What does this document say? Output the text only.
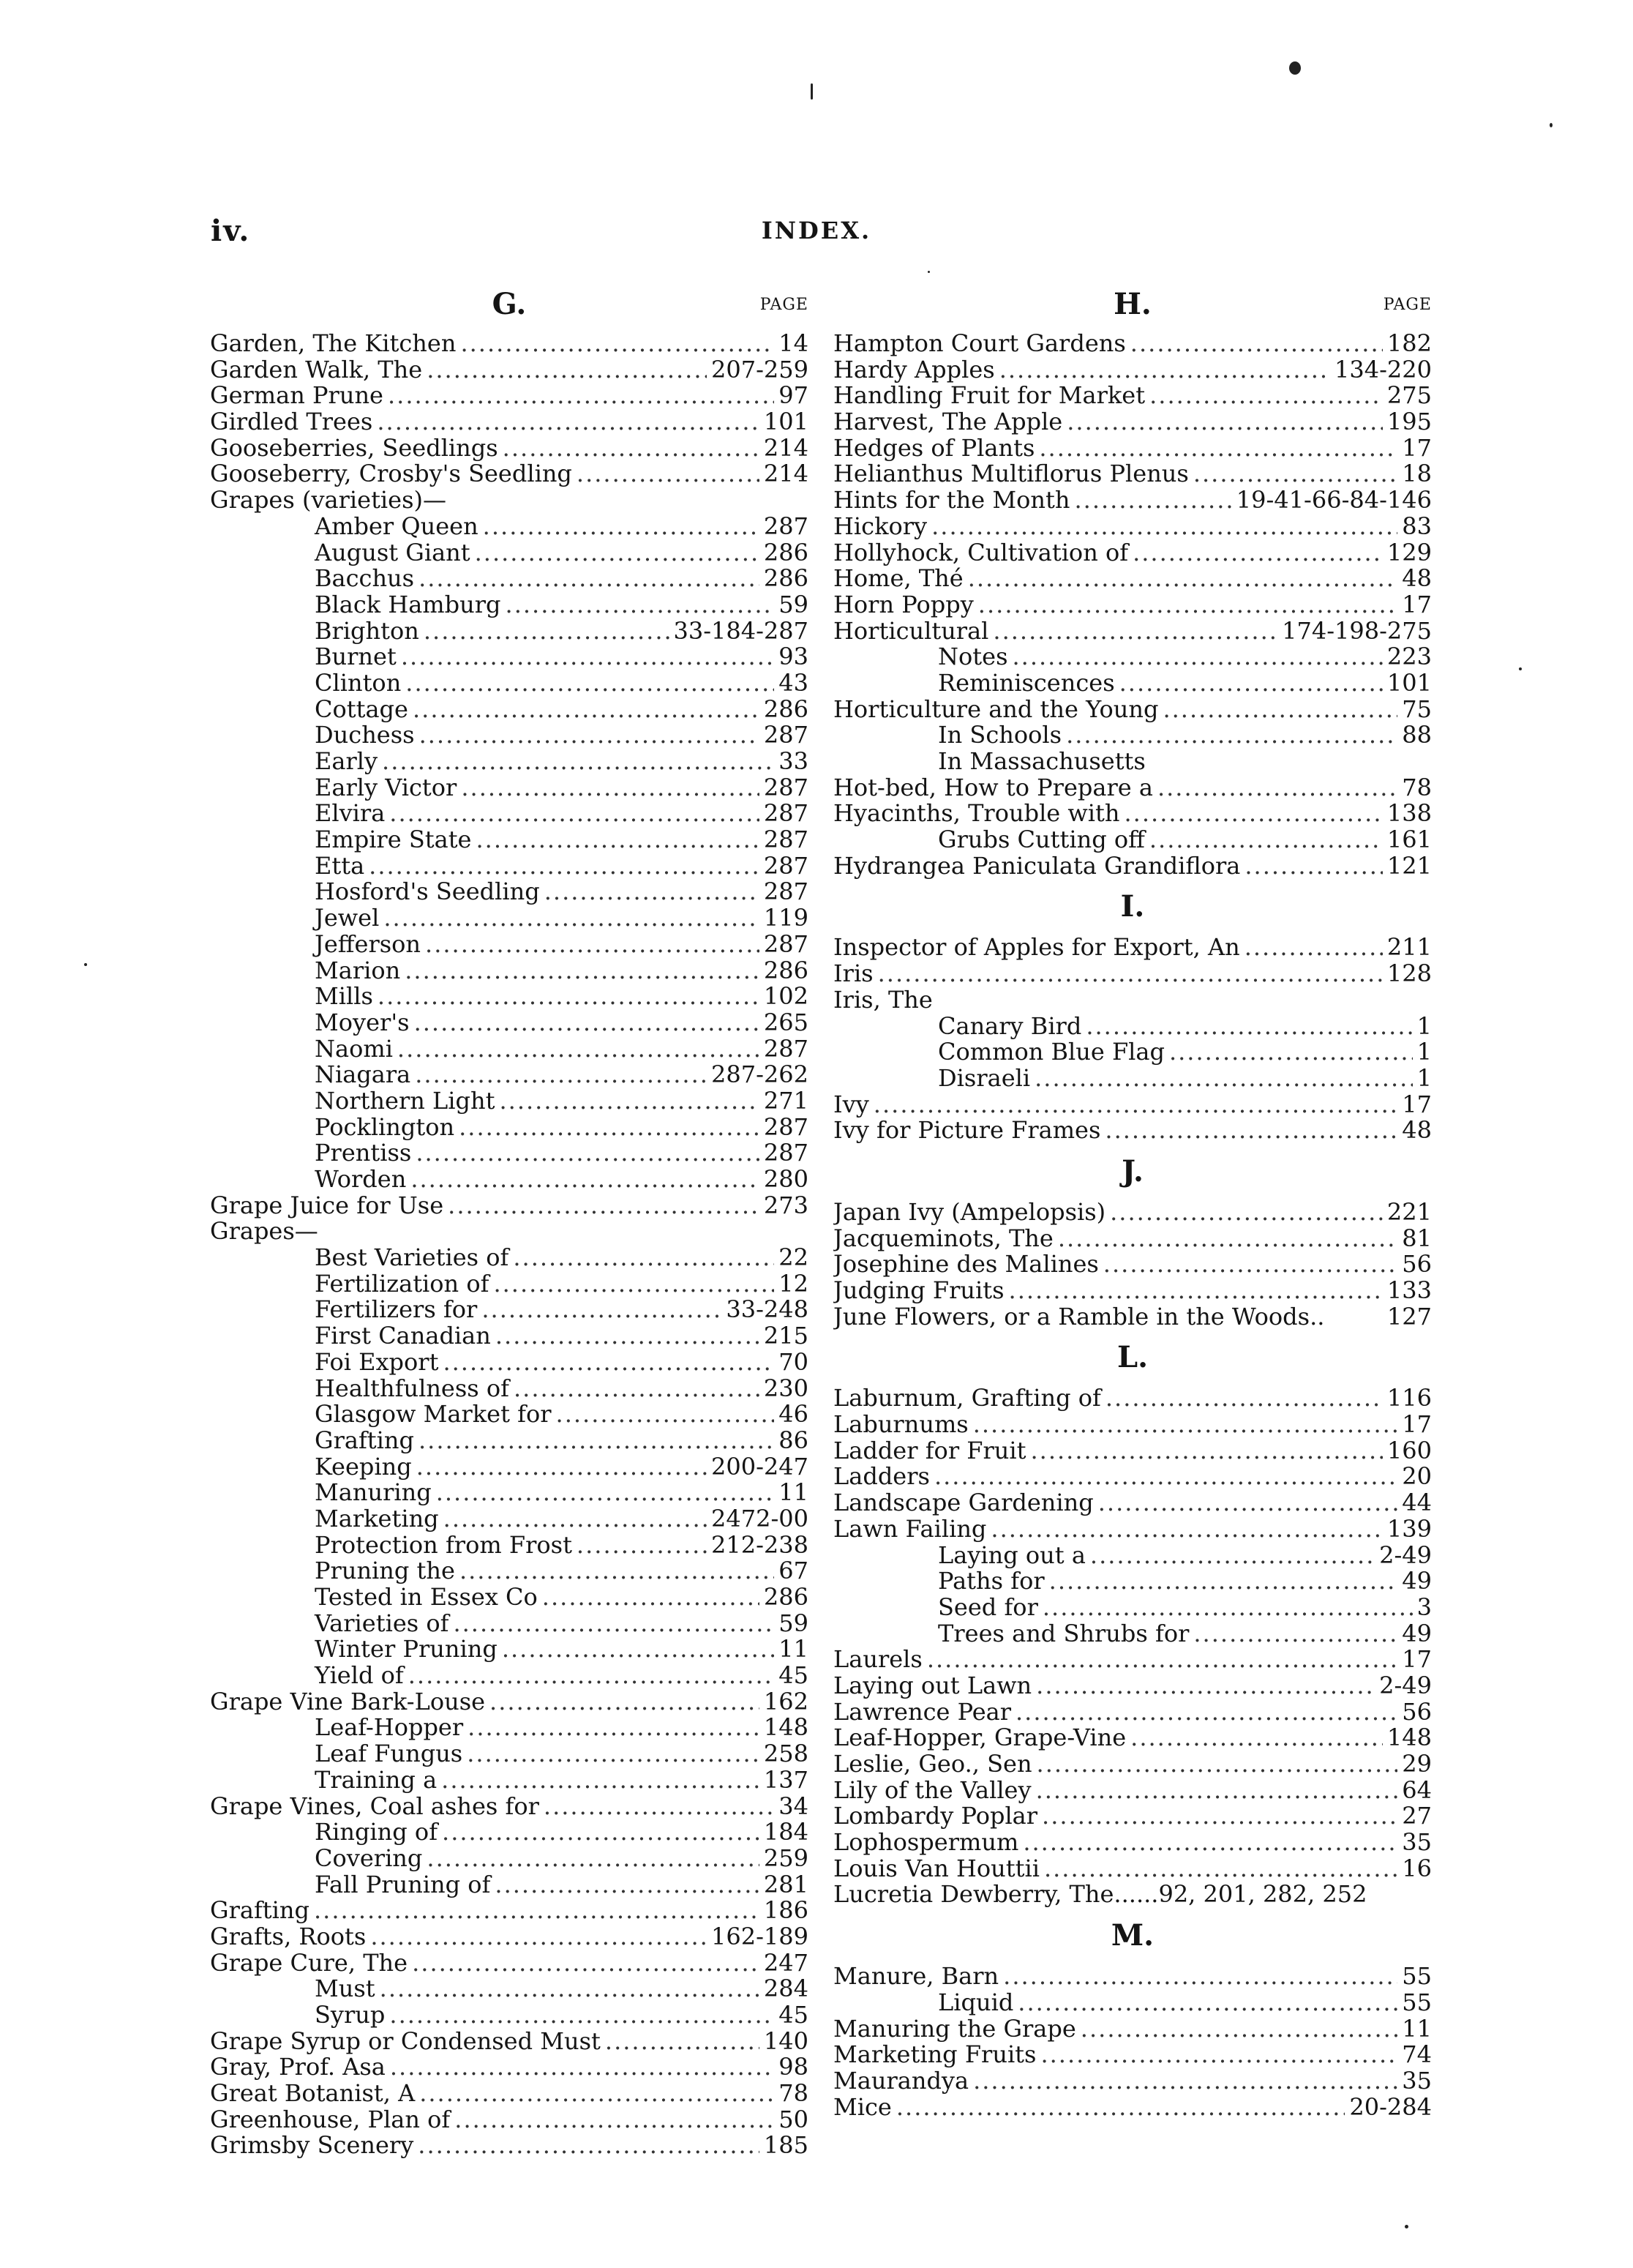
iv.	INDEX.
G.	PAGE
Garden, The Kitchen .....	14
Garden Walk, The .....	207-259
German Prune .....	97
Girdled Trees .....	101
Gooseberries, Seedlings .....	214
Gooseberry, Crosby's Seedling .....	214
Grapes (varieties)—
Amber Queen .....	287
August Giant .....	286
Bacchus .....	286
Black Hamburg .....	59
Brighton .....	33-184-287
Burnet .....	93
Clinton .....	43
Cottage .....	286
Duchess .....	287
Early .....	33
Early Victor .....	287
Elvira .....	287
Empire State .....	287
Etta .....	287
Hosford's Seedling .....	287
Jewel .....	119
Jefferson .....	287
Marion .....	286
Mills .....	102
Moyer's .....	265
Naomi .....	287
Niagara .....	287-262
Northern Light .....	271
Pocklington .....	287
Prentiss .....	287
Worden .....	280
Grape Juice for Use .....	273
Grapes—
Best Varieties of .....	22
Fertilization of .....	12
Fertilizers for .....	33-248
First Canadian .....	215
Foi Export .....	70
Healthfulness of .....	230
Glasgow Market for .....	46
Grafting .....	86
Keeping .....	200-247
Manuring .....	11
Marketing .....	2472-00
Protection from Frost .....	212-238
Pruning the .....	67
Tested in Essex Co .....	286
Varieties of .....	59
Winter Pruning .....	11
Yield of .....	45
Grape Vine Bark-Louse .....	162
Leaf-Hopper .....	148
Leaf Fungus .....	258
Training a .....	137
Grape Vines, Coal ashes for .....	34
Ringing of .....	184
Covering .....	259
Fall Pruning of .....	281
Grafting .....	186
Grafts, Roots .....	162-189
Grape Cure, The .....	247
Must .....	284
Syrup .....	45
Grape Syrup or Condensed Must .....	140
Gray, Prof. Asa .....	98
Great Botanist, A .....	78
Greenhouse, Plan of .....	50
Grimsby Scenery .....	185
H.	PAGE
Hampton Court Gardens .....	182
Hardy Apples .....	134-220
Handling Fruit for Market .....	275
Harvest, The Apple .....	195
Hedges of Plants .....	17
Helianthus Multiflorus Plenus .....	18
Hints for the Month .....	19-41-66-84-146
Hickory .....	83
Hollyhock, Cultivation of .....	129
Home, Thé .....	48
Horn Poppy .....	17
Horticultural .....	174-198-275
Notes .....	223
Reminiscences .....	101
Horticulture and the Young .....	75
In Schools .....	88
In Massachusetts
Hot-bed, How to Prepare a .....	78
Hyacinths, Trouble with .....	138
Grubs Cutting off .....	161
Hydrangea Paniculata Grandiflora .....	121
I.
Inspector of Apples for Export, An .....	211
Iris .....	128
Iris, The
Canary Bird .....	1
Common Blue Flag .....	1
Disraeli .....	1
Ivy .....	17
Ivy for Picture Frames .....	48
J.
Japan Ivy (Ampelopsis) .....	221
Jacqueminots, The .....	81
Josephine des Malines .....	56
Judging Fruits .....	133
June Flowers, or a Ramble in the Woods..	127
L.
Laburnum, Grafting of .....	116
Laburnums .....	17
Ladder for Fruit .....	160
Ladders .....	20
Landscape Gardening .....	44
Lawn Failing .....	139
Laying out a .....	2-49
Paths for .....	49
Seed for .....	3
Trees and Shrubs for .....	49
Laurels .....	17
Laying out Lawn .....	2-49
Lawrence Pear .....	56
Leaf-Hopper, Grape-Vine .....	148
Leslie, Geo., Sen .....	29
Lily of the Valley .....	64
Lombardy Poplar .....	27
Lophospermum .....	35
Louis Van Houttii .....	16
Lucretia Dewberry, The......92, 201, 282, 252
M.
Manure, Barn .....	55
Liquid .....	55
Manuring the Grape .....	11
Marketing Fruits .....	74
Maurandya .....	35
Mice .....	20-284
